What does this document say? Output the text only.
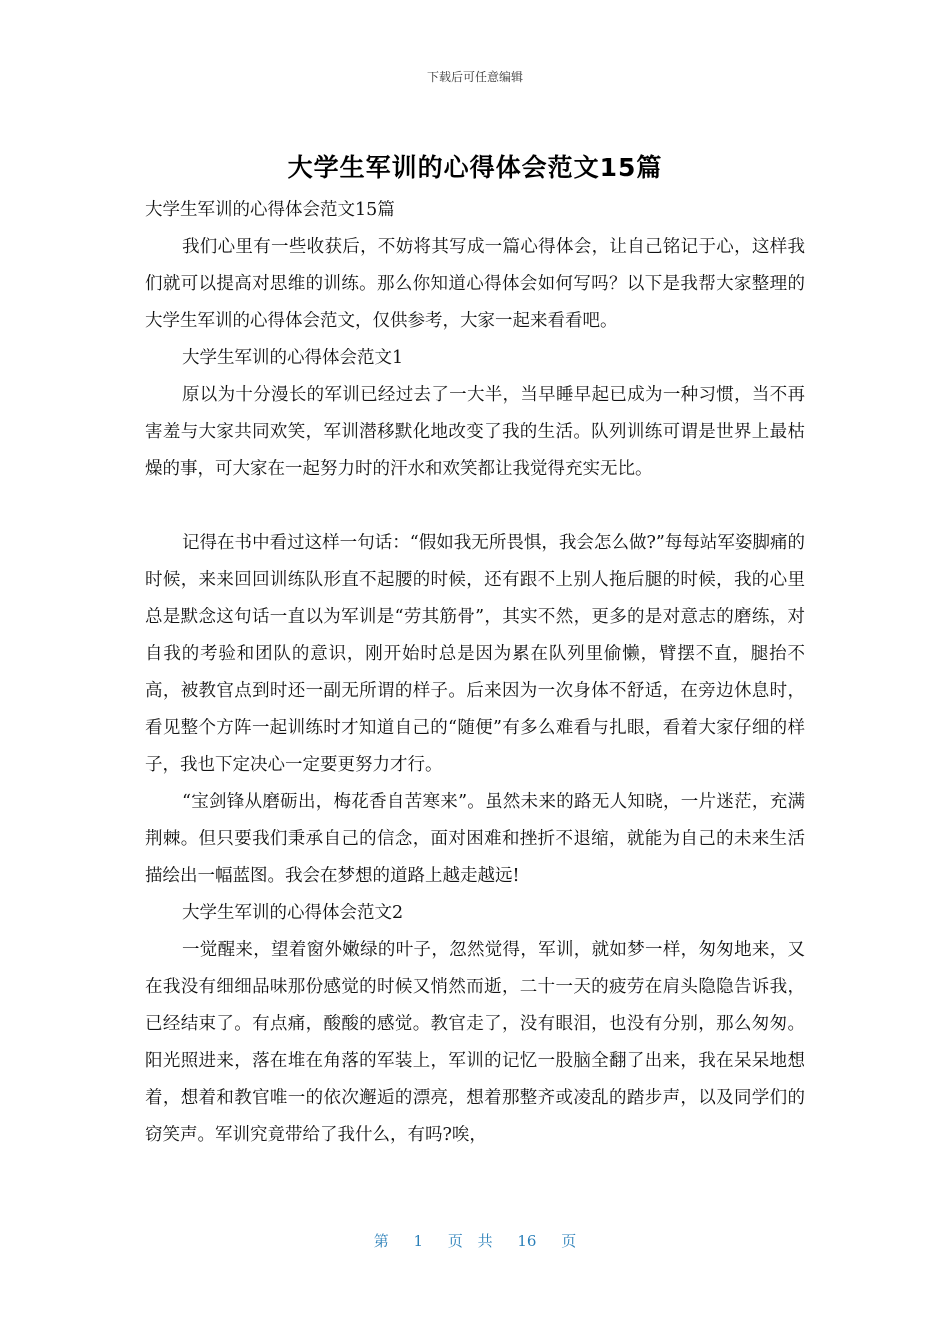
下载后可任意编辑
大学生军训的心得体会范文15篇

大学生军训的心得体会范文15篇

我们心里有一些收获后，不妨将其写成一篇心得体会，让自己铭记于心，这样我们就可以提高对思维的训练。那么你知道心得体会如何写吗？以下是我帮大家整理的大学生军训的心得体会范文，仅供参考，大家一起来看看吧。

大学生军训的心得体会范文1

原以为十分漫长的军训已经过去了一大半，当早睡早起已成为一种习惯，当不再害羞与大家共同欢笑，军训潜移默化地改变了我的生活。队列训练可谓是世界上最枯燥的事，可大家在一起努力时的汗水和欢笑都让我觉得充实无比。

记得在书中看过这样一句话：“假如我无所畏惧，我会怎么做?”每每站军姿脚痛的时候，来来回回训练队形直不起腰的时候，还有跟不上别人拖后腿的时候，我的心里总是默念这句话一直以为军训是“劳其筋骨”，其实不然，更多的是对意志的磨练，对自我的考验和团队的意识，刚开始时总是因为累在队列里偷懒，臂摆不直，腿抬不高，被教官点到时还一副无所谓的样子。后来因为一次身体不舒适，在旁边休息时，看见整个方阵一起训练时才知道自己的“随便”有多么难看与扎眼，看着大家仔细的样子，我也下定决心一定要更努力才行。

“宝剑锋从磨砺出，梅花香自苦寒来”。虽然未来的路无人知晓，一片迷茫，充满荆棘。但只要我们秉承自己的信念，面对困难和挫折不退缩，就能为自己的未来生活描绘出一幅蓝图。我会在梦想的道路上越走越远!

大学生军训的心得体会范文2

一觉醒来，望着窗外嫩绿的叶子，忽然觉得，军训，就如梦一样，匆匆地来，又在我没有细细品味那份感觉的时候又悄然而逝，二十一天的疲劳在肩头隐隐告诉我，已经结束了。有点痛，酸酸的感觉。教官走了，没有眼泪，也没有分别，那么匆匆。阳光照进来，落在堆在角落的军装上，军训的记忆一股脑全翻了出来，我在呆呆地想着，想着和教官唯一的依次邂逅的漂亮，想着那整齐或凌乱的踏步声，以及同学们的窃笑声。军训究竟带给了我什么，有吗?唉，

第 1 页 共 16 页
